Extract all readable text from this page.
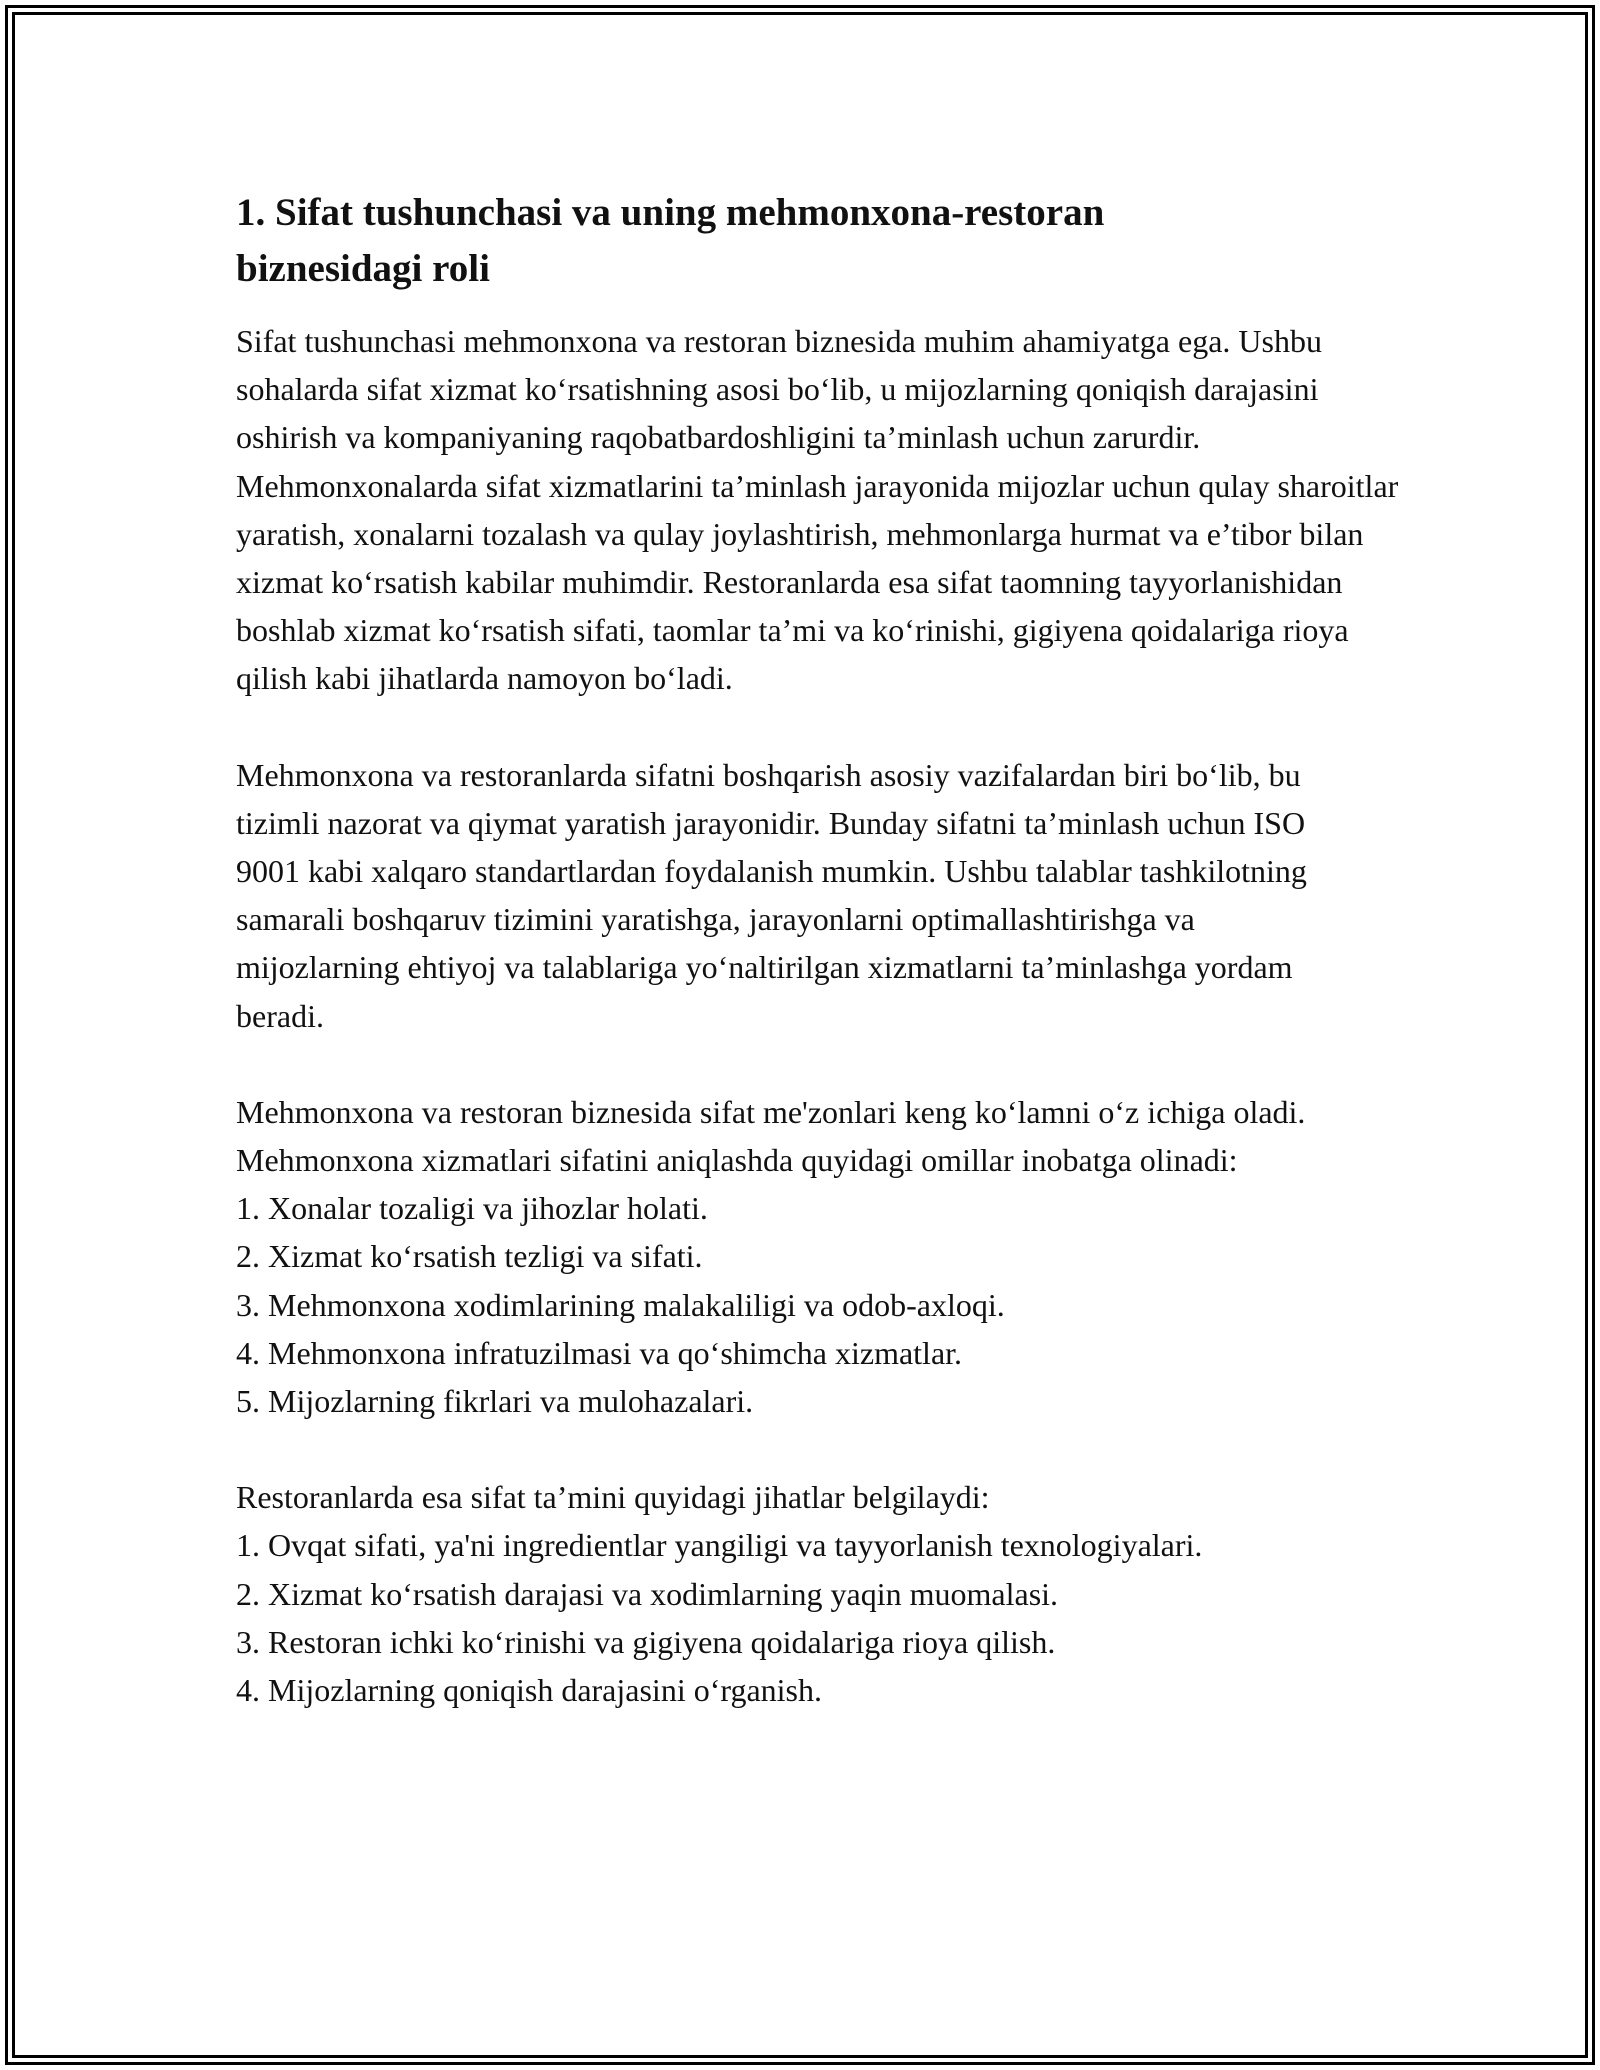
1. Sifat tushunchasi va uning mehmonxona-restoran biznesidagi roli

Sifat tushunchasi mehmonxona va restoran biznesida muhim ahamiyatga ega. Ushbu sohalarda sifat xizmat koʻrsatishning asosi boʻlib, u mijozlarning qoniqish darajasini oshirish va kompaniyaning raqobatbardoshligini ta’minlash uchun zarurdir. Mehmonxonalarda sifat xizmatlarini ta’minlash jarayonida mijozlar uchun qulay sharoitlar yaratish, xonalarni tozalash va qulay joylashtirish, mehmonlarga hurmat va e’tibor bilan xizmat koʻrsatish kabilar muhimdir. Restoranlarda esa sifat taomning tayyorlanishidan boshlab xizmat koʻrsatish sifati, taomlar ta’mi va koʻrinishi, gigiyena qoidalariga rioya qilish kabi jihatlarda namoyon boʻladi.

Mehmonxona va restoranlarda sifatni boshqarish asosiy vazifalardan biri boʻlib, bu tizimli nazorat va qiymat yaratish jarayonidir. Bunday sifatni ta’minlash uchun ISO 9001 kabi xalqaro standartlardan foydalanish mumkin. Ushbu talablar tashkilotning samarali boshqaruv tizimini yaratishga, jarayonlarni optimallashtirishga va mijozlarning ehtiyoj va talablariga yoʻnaltirilgan xizmatlarni ta’minlashga yordam beradi.

Mehmonxona va restoran biznesida sifat me'zonlari keng koʻlamni oʻz ichiga oladi. Mehmonxona xizmatlari sifatini aniqlashda quyidagi omillar inobatga olinadi:
1. Xonalar tozaligi va jihozlar holati.
2. Xizmat koʻrsatish tezligi va sifati.
3. Mehmonxona xodimlarining malakaliligi va odob-axloqi.
4. Mehmonxona infratuzilmasi va qoʻshimcha xizmatlar.
5. Mijozlarning fikrlari va mulohazalari.
Restoranlarda esa sifat ta’mini quyidagi jihatlar belgilaydi:
1. Ovqat sifati, ya'ni ingredientlar yangiligi va tayyorlanish texnologiyalari.
2. Xizmat koʻrsatish darajasi va xodimlarning yaqin muomalasi.
3. Restoran ichki koʻrinishi va gigiyena qoidalariga rioya qilish.
4. Mijozlarning qoniqish darajasini oʻrganish.
